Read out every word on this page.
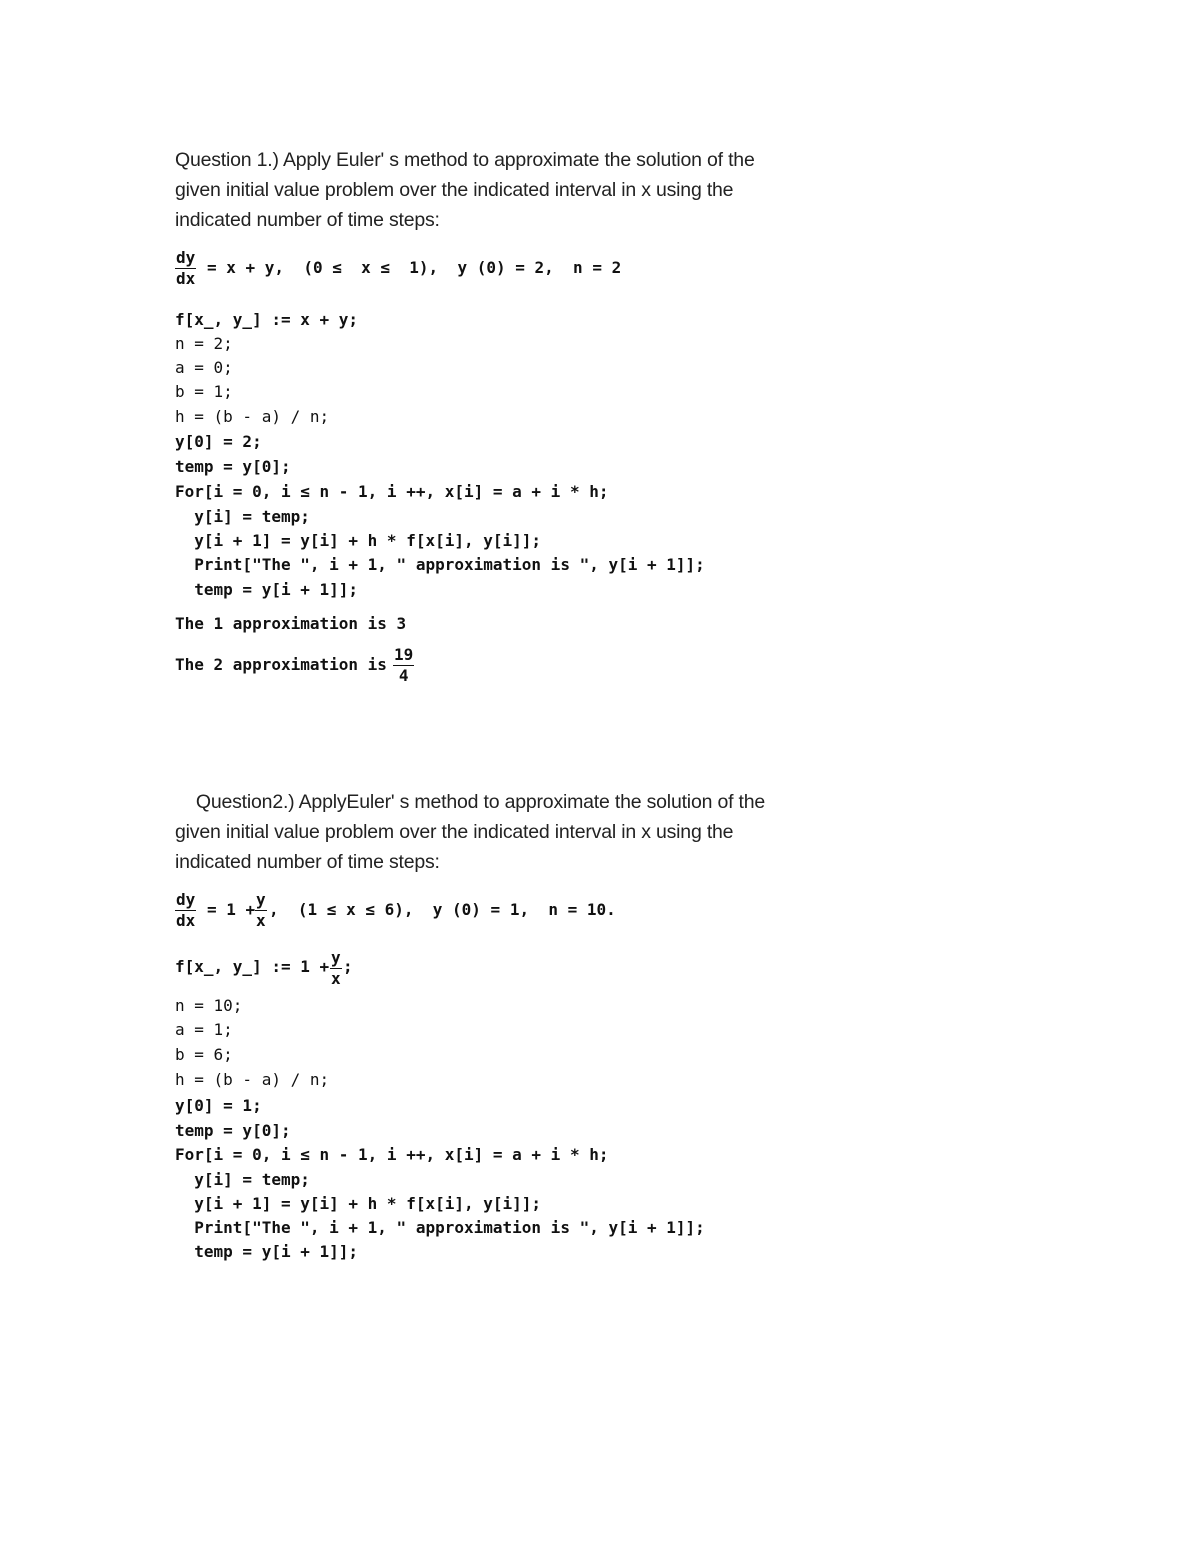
Question 1.) Apply Euler' s method to approximate the solution of the

given initial value problem over the indicated interval in x using the

indicated number of time steps:

$\frac{dy}{dx} = x + y$,  (0 ≤  x ≤  1),  y (0) = 2,  n = 2
f[x_, y_] := x + y;
n = 2;
a = 0;
b = 1;
h = (b - a) / n;
y[0] = 2;
temp = y[0];
For[i = 0, i ≤ n - 1, i ++, x[i] = a + i * h;
y[i] = temp;
y[i + 1] = y[i] + h * f[x[i], y[i]];
Print["The ", i + 1, " approximation is ", y[i + 1]];
temp = y[i + 1]];
The 1 approximation is 3
The 2 approximation is $\frac{19}{4}$

Question2.) ApplyEuler' s method to approximate the solution of the

given initial value problem over the indicated interval in x using the

indicated number of time steps:

$\frac{dy}{dx} = 1 + \frac{y}{x}$ ,  (1 ≤ x ≤ 6),  y (0) = 1,  n = 10.
f[x_, y_] := $1 + \frac{y}{x}$ ;
n = 10;
a = 1;
b = 6;
h = (b - a) / n;
y[0] = 1;
temp = y[0];
For[i = 0, i ≤ n - 1, i ++, x[i] = a + i * h;
y[i] = temp;
y[i + 1] = y[i] + h * f[x[i], y[i]];
Print["The ", i + 1, " approximation is ", y[i + 1]];
temp = y[i + 1]];
